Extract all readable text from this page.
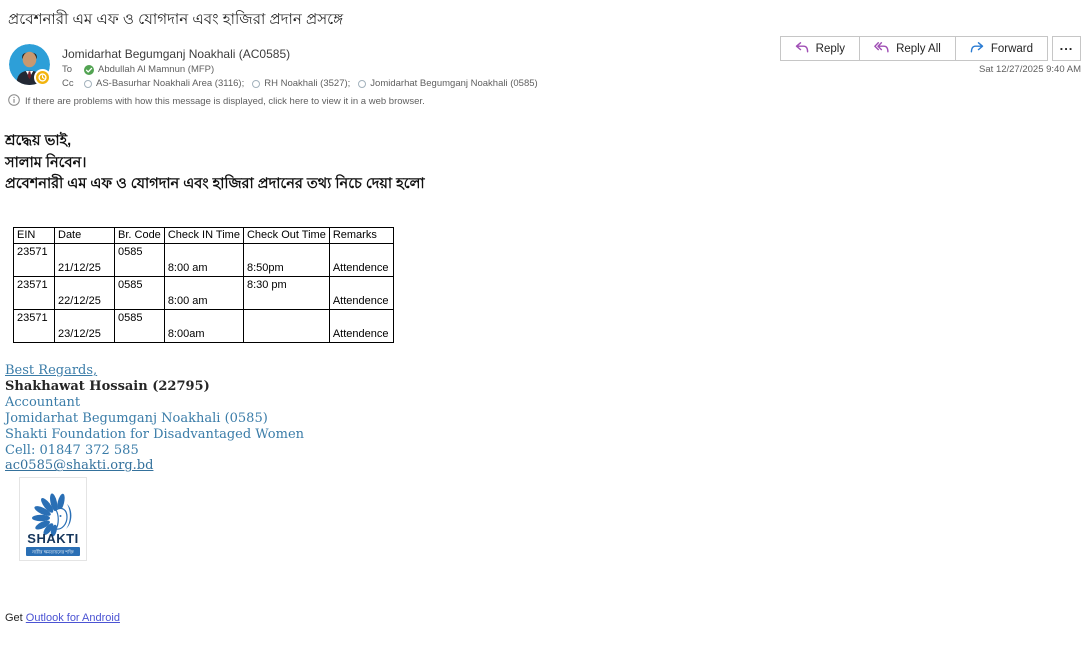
প্রবেশনারী এম এফ ও যোগদান এবং হাজিরা প্রদান প্রসঙ্গে
Reply	Reply All	Forward	...
Jomidarhat Begumganj Noakhali (AC0585)
To	Abdullah Al Mamnun (MFP)
Cc	AS-Basurhar Noakhali Area (3116); RH Noakhali (3527); Jomidarhat Begumganj Noakhali (0585)
Sat 12/27/2025 9:40 AM
If there are problems with how this message is displayed, click here to view it in a web browser.
শ্রদ্ধেয় ভাই,
সালাম নিবেন।
প্রবেশনারী এম এফ ও যোগদান এবং হাজিরা প্রদানের তথ্য নিচে দেয়া হলো
EIN	Date	Br. Code	Check IN Time	Check Out Time	Remarks

23571	21/12/25	0585	8:00 am	8:50pm	Attendence

23571	22/12/25	0585	8:00 am	8:30 pm	Attendence

23571	23/12/25	0585	8:00am		Attendence
Best Regards,
Shakhawat Hossain (22795)
Accountant
Jomidarhat Begumganj Noakhali (0585)
Shakti Foundation for Disadvantaged Women
Cell: 01847 372 585
ac0585@shakti.org.bd
SHAKTI
নারীর ক্ষমতায়নের শক্তি
Get Outlook for Android
